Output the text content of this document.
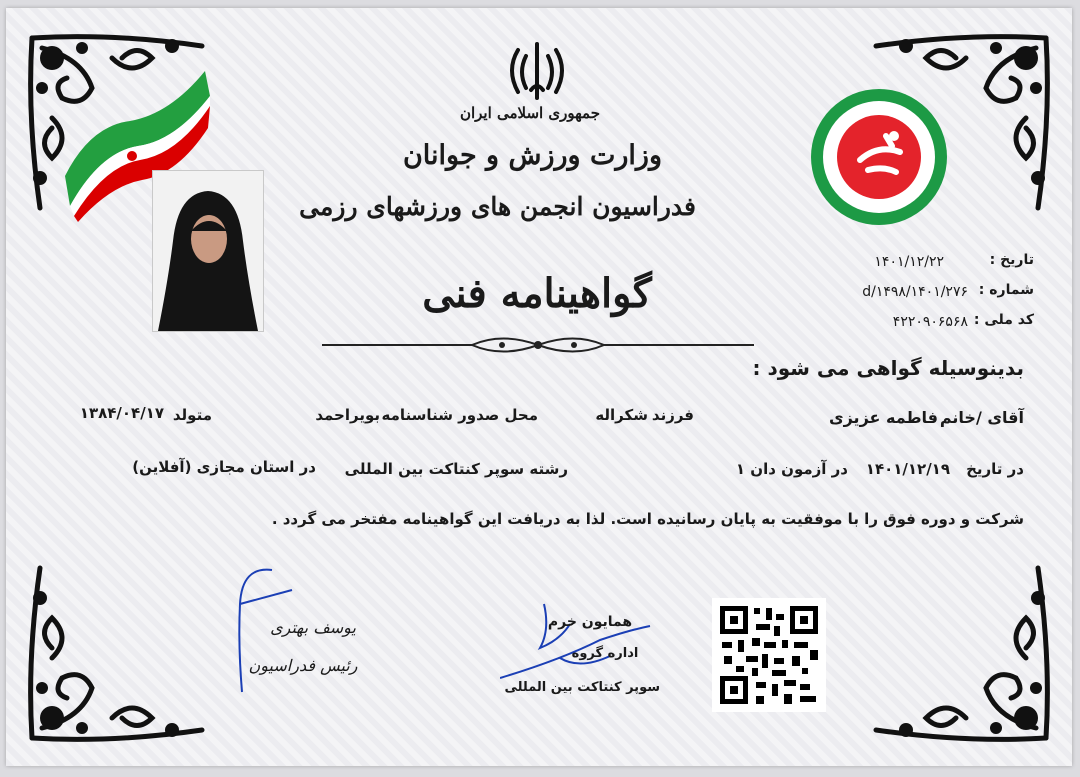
جمهوری اسلامی ایران
وزارت ورزش و جوانان
فدراسیون انجمن های ورزشهای رزمی
گواهینامه فنی
تاریخ :
۱۴۰۱/۱۲/۲۲
شماره :
۱۴۰۱/۲۷۶/d/۱۴۹۸
کد ملی :
۴۲۲۰۹۰۶۵۶۸
بدینوسیله گواهی می شود :
آقای /خانم
فاطمه عزیزی
فرزند
شکراله
محل صدور شناسنامه
بویراحمد
متولد
۱۳۸۴/۰۴/۱۷
در تاریخ
۱۴۰۱/۱۲/۱۹
در آزمون دان ۱
رشته سوپر کنتاکت بین المللی
در استان مجازی (آفلاین)
شرکت و دوره فوق را با موفقیت به پایان رسانیده است. لذا به دریافت این گواهینامه مفتخر می گردد .
یوسف بهتری
رئیس فدراسیون
همایون خرم
اداره گروه
سوپر کنتاکت بین المللی
